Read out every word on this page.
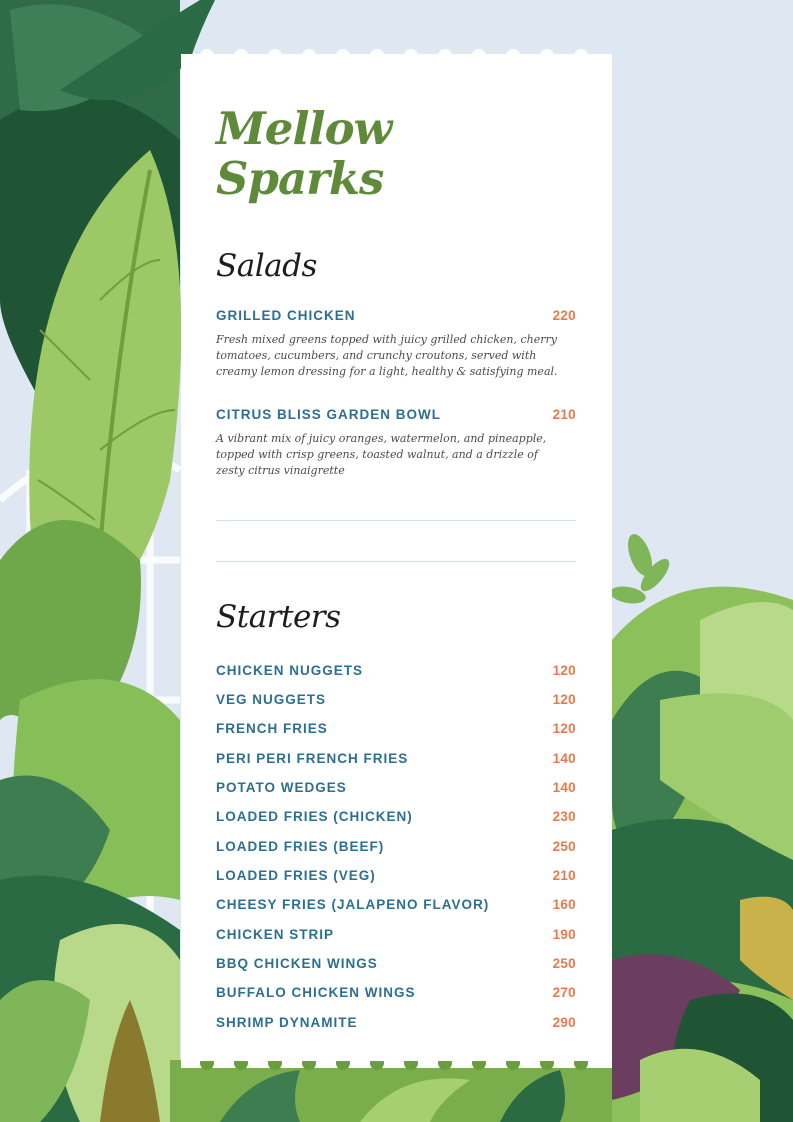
Mellow
Sparks
Salads
GRILLED CHICKEN	220

Fresh mixed greens topped with juicy grilled chicken, cherry tomatoes, cucumbers, and crunchy croutons, served with creamy lemon dressing for a light, healthy & satisfying meal.

CITRUS BLISS GARDEN BOWL	210

A vibrant mix of juicy oranges, watermelon, and pineapple, topped with crisp greens, toasted walnut, and a drizzle of zesty citrus vinaigrette

Starters
CHICKEN NUGGETS	120
VEG NUGGETS	120
FRENCH FRIES	120
PERI PERI FRENCH FRIES	140
POTATO WEDGES	140
LOADED FRIES (CHICKEN)	230
LOADED FRIES (BEEF)	250
LOADED FRIES (VEG)	210
CHEESY FRIES (JALAPENO FLAVOR)	160
CHICKEN STRIP	190
BBQ CHICKEN WINGS	250
BUFFALO CHICKEN WINGS	270
SHRIMP DYNAMITE	290
